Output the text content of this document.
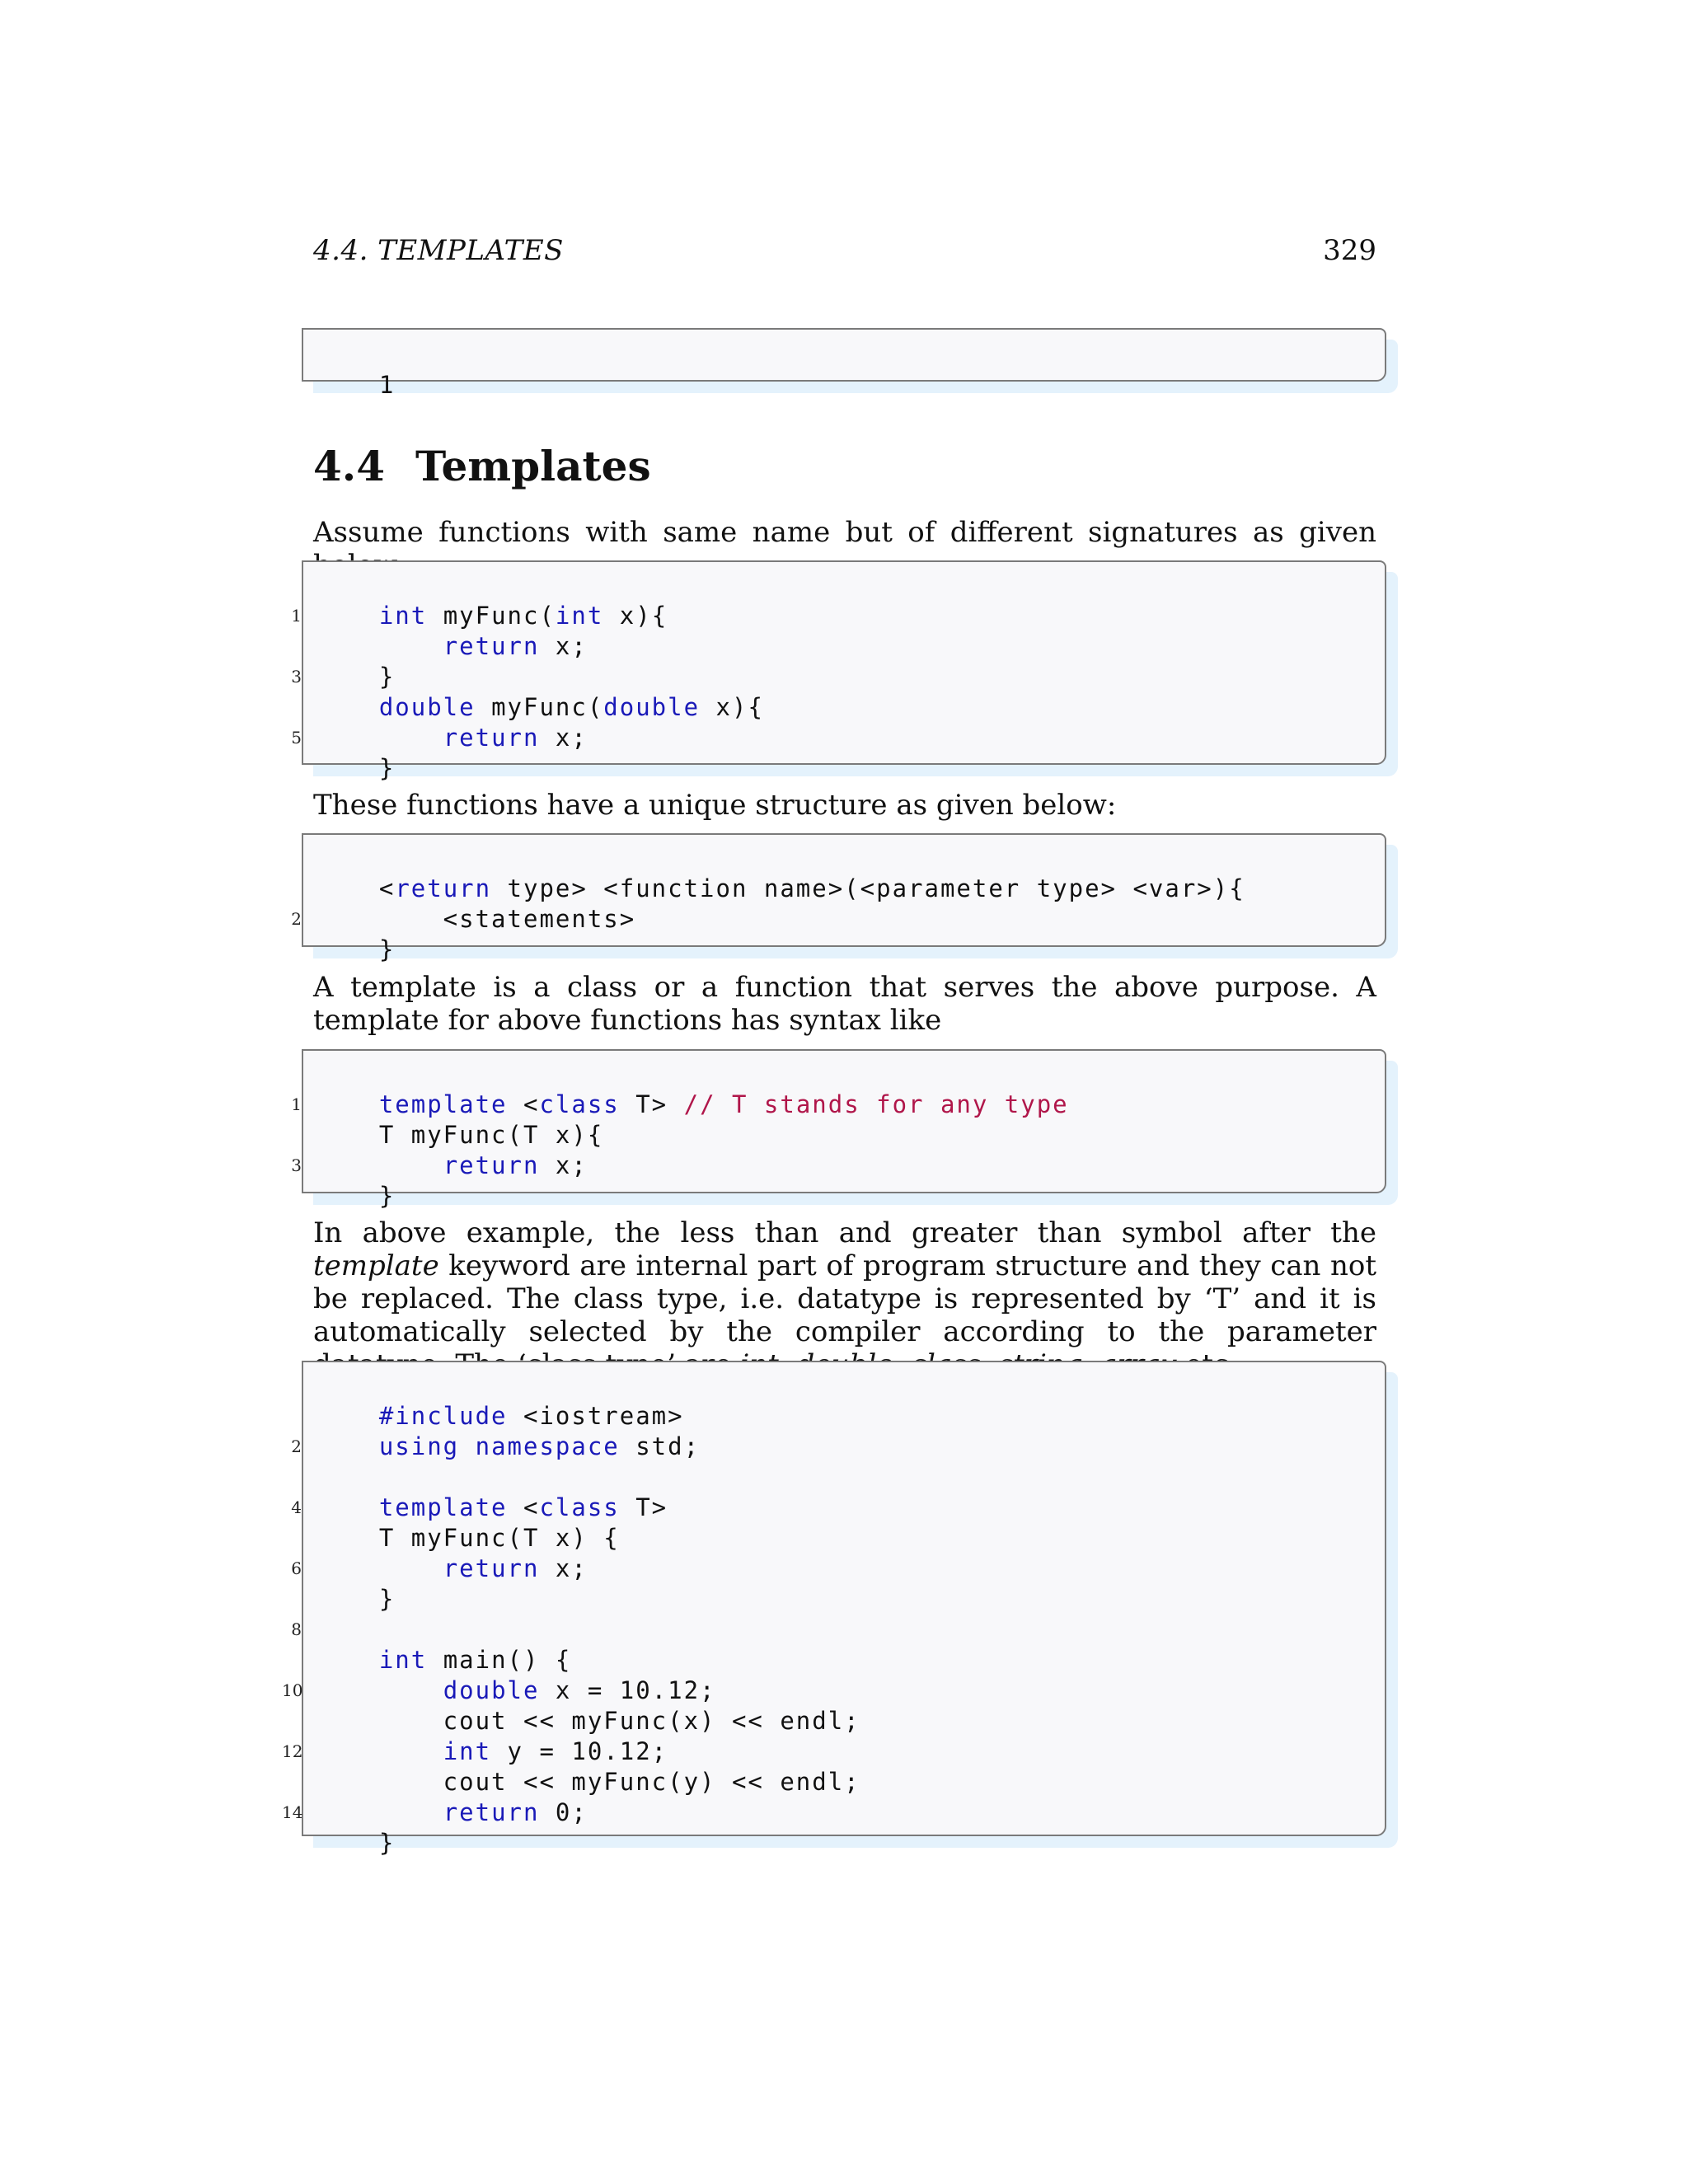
4.4. TEMPLATES	329

1

4.4 Templates
Assume functions with same name but of different signatures as given

1	int myFunc(int x){

return x;

3	}

double myFunc(double x){

5	return x;

}

These functions have a unique structure as given below:

<return type> <function name>(<parameter type> <var>){

2	<statements>

}

A template is a class or a function that serves the above purpose. A template for above functions has syntax like

1	template <class T> // T stands for any type

T myFunc(T x){

3	return x;

}

In above example, the less than and greater than symbol after the template keyword are internal part of program structure and they can not be replaced. The class type, i.e. datatype is represented by ‘T’ and it is automatically selected by the compiler according to the parameter

#include <iostream>

2	using namespace std;

4	template <class T>

T myFunc(T x) {

6	return x;

}

8

int main() {

10	double x = 10.12;

cout << myFunc(x) << endl;

12	int y = 10.12;

cout << myFunc(y) << endl;

14	return 0;

}
